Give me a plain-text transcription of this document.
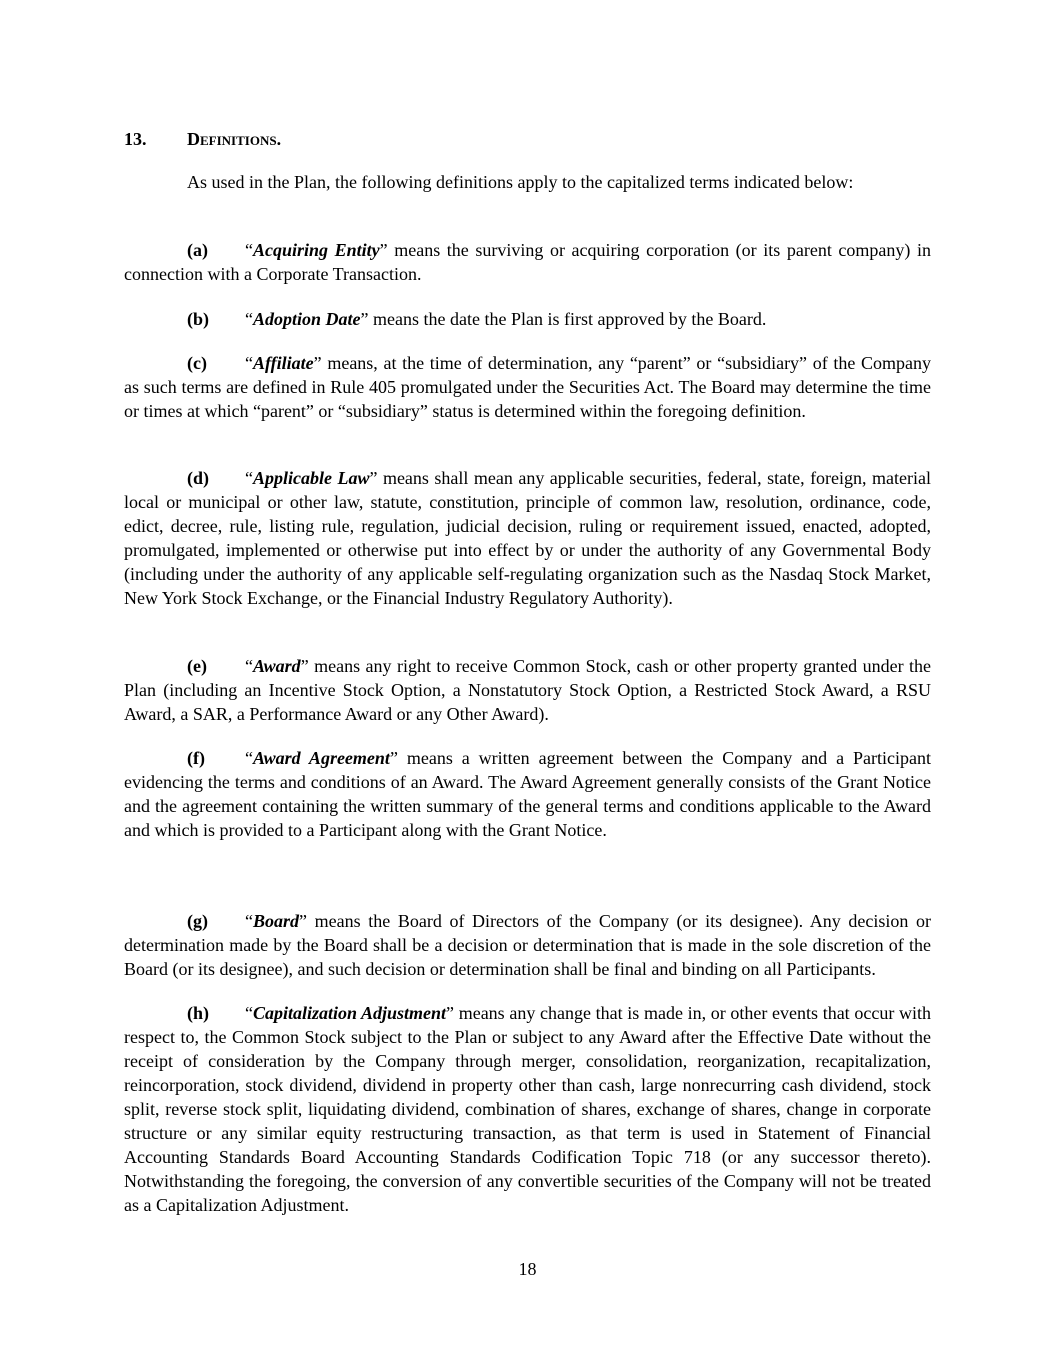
13. Definitions.

As used in the Plan, the following definitions apply to the capitalized terms indicated below:

(a) “Acquiring Entity” means the surviving or acquiring corporation (or its parent company) in connection with a Corporate Transaction.

(b) “Adoption Date” means the date the Plan is first approved by the Board.

(c) “Affiliate” means, at the time of determination, any “parent” or “subsidiary” of the Company as such terms are defined in Rule 405 promulgated under the Securities Act. The Board may determine the time or times at which “parent” or “subsidiary” status is determined within the foregoing definition.

(d) “Applicable Law” means shall mean any applicable securities, federal, state, foreign, material local or municipal or other law, statute, constitution, principle of common law, resolution, ordinance, code, edict, decree, rule, listing rule, regulation, judicial decision, ruling or requirement issued, enacted, adopted, promulgated, implemented or otherwise put into effect by or under the authority of any Governmental Body (including under the authority of any applicable self-regulating organization such as the Nasdaq Stock Market, New York Stock Exchange, or the Financial Industry Regulatory Authority).

(e) “Award” means any right to receive Common Stock, cash or other property granted under the Plan (including an Incentive Stock Option, a Nonstatutory Stock Option, a Restricted Stock Award, a RSU Award, a SAR, a Performance Award or any Other Award).

(f) “Award Agreement” means a written agreement between the Company and a Participant evidencing the terms and conditions of an Award. The Award Agreement generally consists of the Grant Notice and the agreement containing the written summary of the general terms and conditions applicable to the Award and which is provided to a Participant along with the Grant Notice.

(g) “Board” means the Board of Directors of the Company (or its designee). Any decision or determination made by the Board shall be a decision or determination that is made in the sole discretion of the Board (or its designee), and such decision or determination shall be final and binding on all Participants.

(h) “Capitalization Adjustment” means any change that is made in, or other events that occur with respect to, the Common Stock subject to the Plan or subject to any Award after the Effective Date without the receipt of consideration by the Company through merger, consolidation, reorganization, recapitalization, reincorporation, stock dividend, dividend in property other than cash, large nonrecurring cash dividend, stock split, reverse stock split, liquidating dividend, combination of shares, exchange of shares, change in corporate structure or any similar equity restructuring transaction, as that term is used in Statement of Financial Accounting Standards Board Accounting Standards Codification Topic 718 (or any successor thereto). Notwithstanding the foregoing, the conversion of any convertible securities of the Company will not be treated as a Capitalization Adjustment.

18
